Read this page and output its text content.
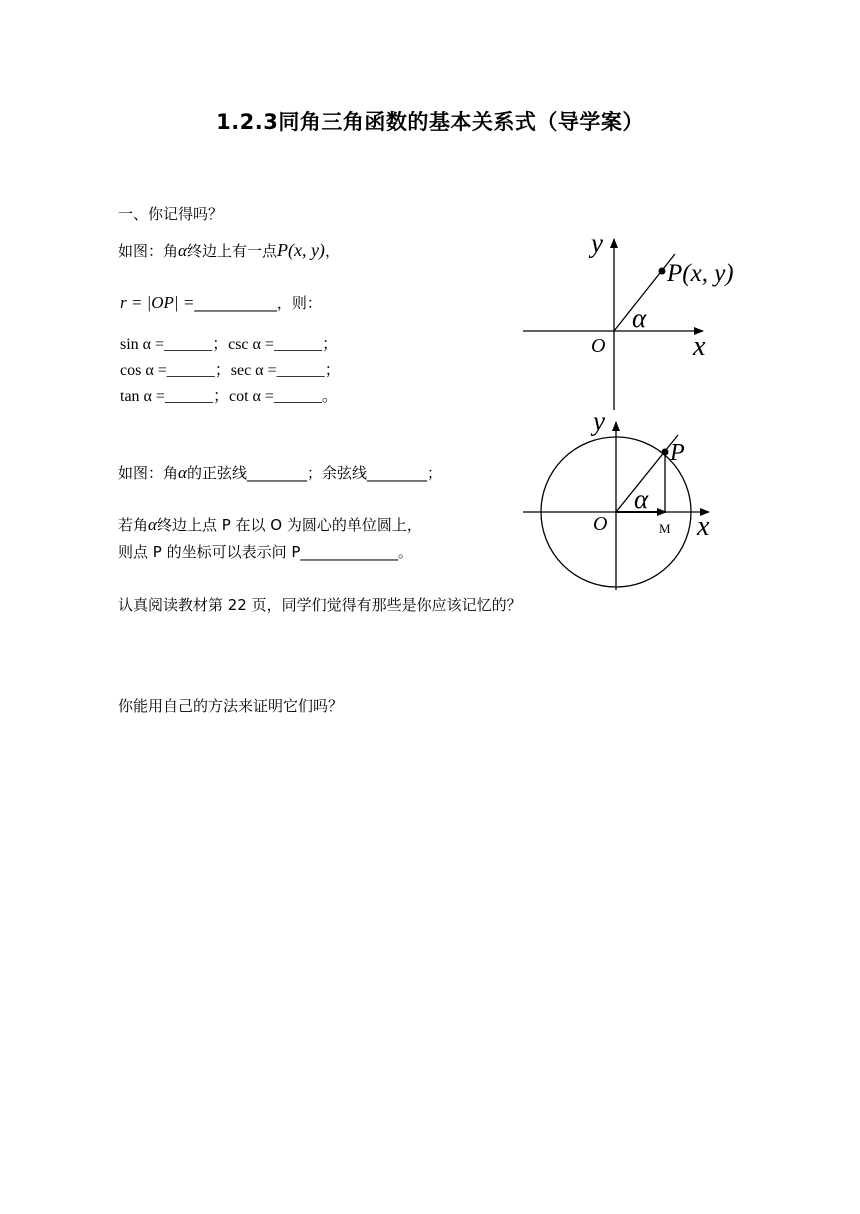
1.2.3同角三角函数的基本关系式（导学案）
一、你记得吗？
如图：角α终边上有一点P(x, y)，
r = |OP| =___________，则：
sin α =______；csc α =______；
cos α =______；sec α =______；
tan α =______；cot α =______。
如图：角α的正弦线________；余弦线________；
若角α终边上点 P 在以 O 为圆心的单位圆上，
则点 P 的坐标可以表示问 P_____________。
认真阅读教材第 22 页，同学们觉得有那些是你应该记忆的？
你能用自己的方法来证明它们吗？
y
x
O
α
P(x, y)
y
x
O
α
P
M
